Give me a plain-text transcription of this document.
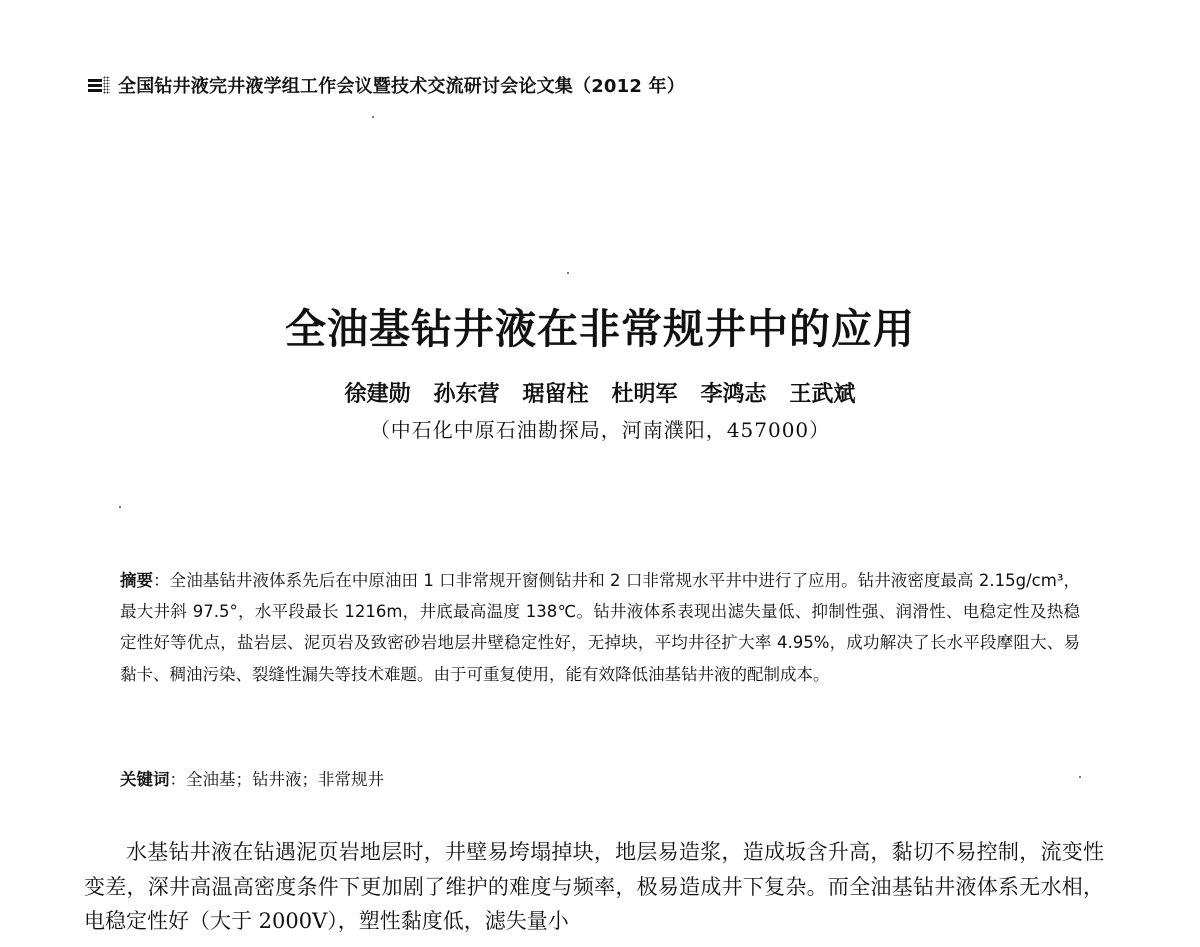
全国钻井液完井液学组工作会议暨技术交流研讨会论文集（2012 年）
全油基钻井液在非常规井中的应用
徐建勋   孙东营   琚留柱   杜明军   李鸿志   王武斌
（中石化中原石油勘探局，河南濮阳，457000）
摘要：全油基钻井液体系先后在中原油田 1 口非常规开窗侧钻井和 2 口非常规水平井中进行了应用。钻井液密度最高 2.15g/cm³，最大井斜 97.5°，水平段最长 1216m，井底最高温度 138℃。钻井液体系表现出滤失量低、抑制性强、润滑性、电稳定性及热稳定性好等优点，盐岩层、泥页岩及致密砂岩地层井壁稳定性好，无掉块，平均井径扩大率 4.95%，成功解决了长水平段摩阻大、易黏卡、稠油污染、裂缝性漏失等技术难题。由于可重复使用，能有效降低油基钻井液的配制成本。
关键词：全油基；钻井液；非常规井

水基钻井液在钻遇泥页岩地层时，井壁易垮塌掉块，地层易造浆，造成坂含升高，黏切不易控制，流变性变差，深井高温高密度条件下更加剧了维护的难度与频率，极易造成井下复杂。而全油基钻井液体系无水相，电稳定性好（大于 2000V），塑性黏度低，滤失量小
